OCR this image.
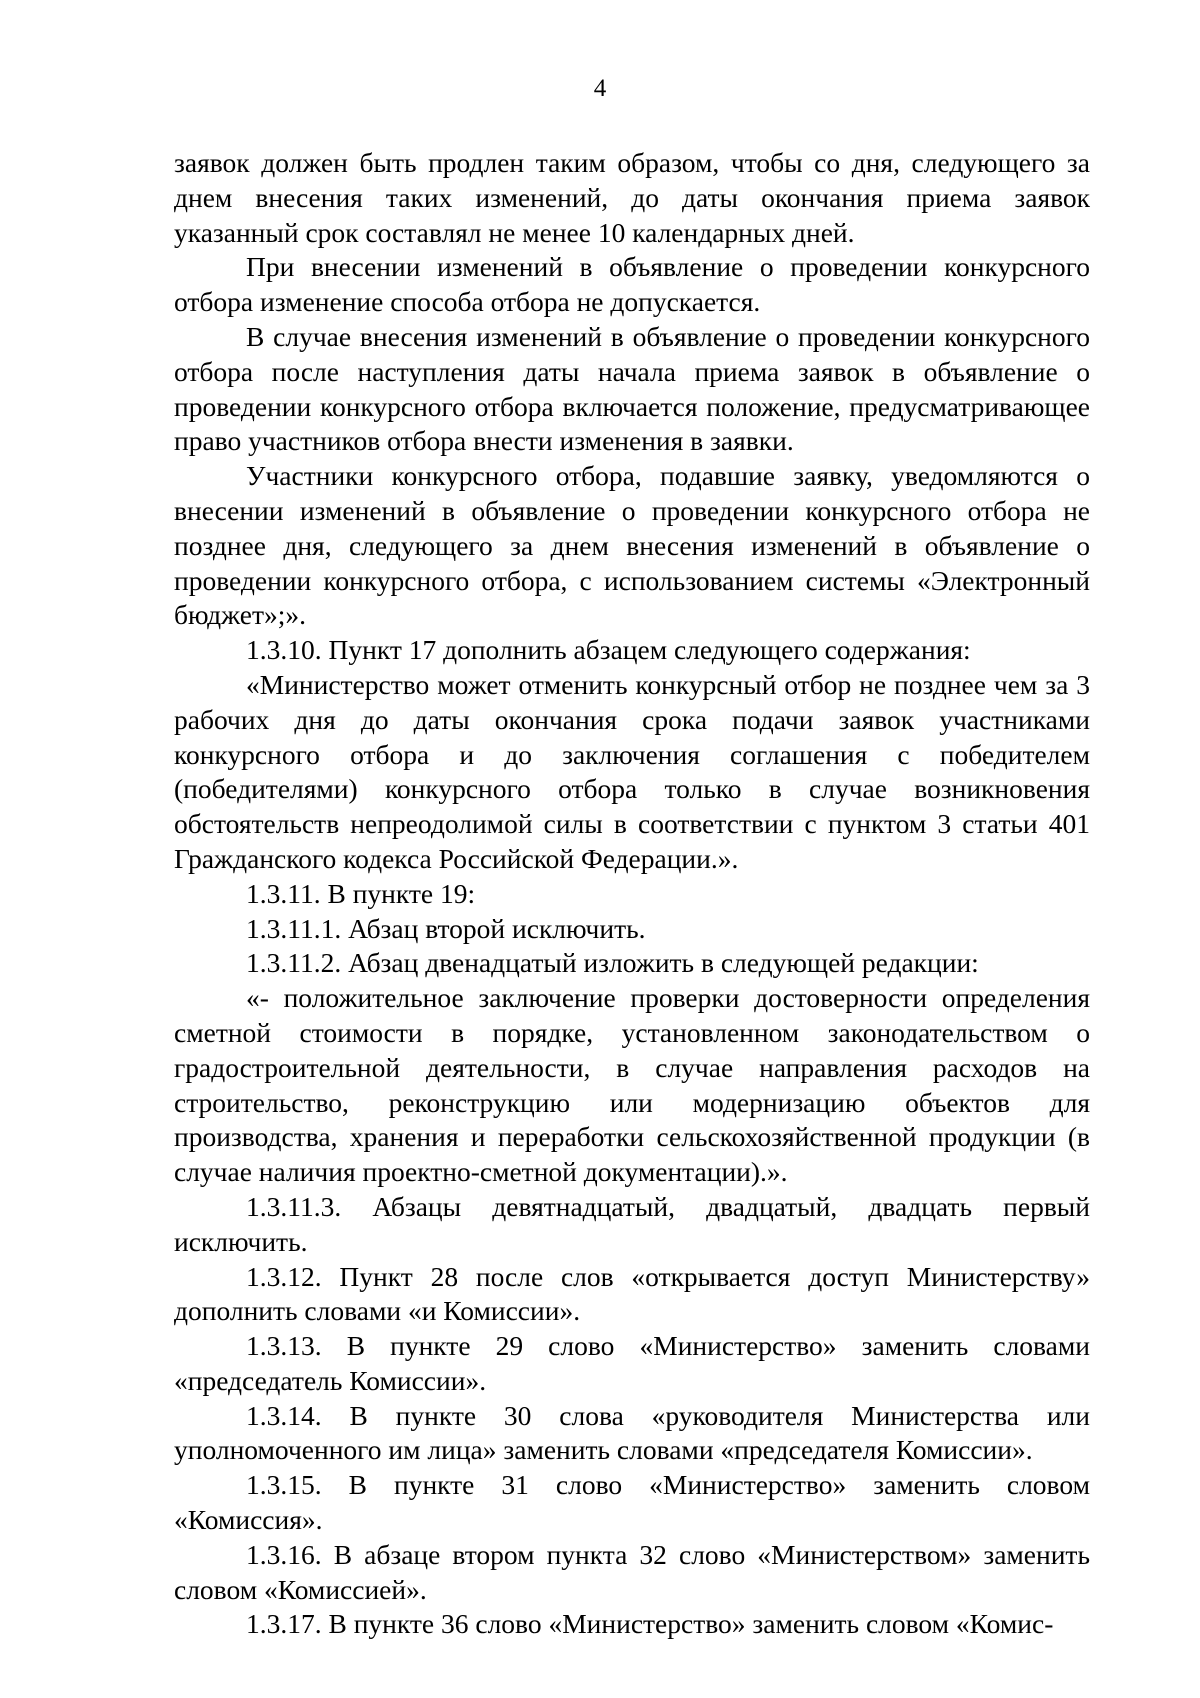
4

заявок должен быть продлен таким образом, чтобы со дня, следующего за днем внесения таких изменений, до даты окончания приема заявок указанный срок составлял не менее 10 календарных дней.

При внесении изменений в объявление о проведении конкурсного отбора изменение способа отбора не допускается.

В случае внесения изменений в объявление о проведении конкурсного отбора после наступления даты начала приема заявок в объявление о проведении конкурсного отбора включается положение, предусматривающее право участников отбора внести изменения в заявки.

Участники конкурсного отбора, подавшие заявку, уведомляются о внесении изменений в объявление о проведении конкурсного отбора не позднее дня, следующего за днем внесения изменений в объявление о проведении конкурсного отбора, с использованием системы «Электронный бюджет»;».

1.3.10. Пункт 17 дополнить абзацем следующего содержания:

«Министерство может отменить конкурсный отбор не позднее чем за 3 рабочих дня до даты окончания срока подачи заявок участниками конкурсного отбора и до заключения соглашения с победителем (победителями) конкурсного отбора только в случае возникновения обстоятельств непреодолимой силы в соответствии с пунктом 3 статьи 401 Гражданского кодекса Российской Федерации.».

1.3.11. В пункте 19:

1.3.11.1. Абзац второй исключить.

1.3.11.2. Абзац двенадцатый изложить в следующей редакции:

«- положительное заключение проверки достоверности определения сметной стоимости в порядке, установленном законодательством о градостроительной деятельности, в случае направления расходов на строительство, реконструкцию или модернизацию объектов для производства, хранения и переработки сельскохозяйственной продукции (в случае наличия проектно-сметной документации).».

1.3.11.3. Абзацы девятнадцатый, двадцатый, двадцать первый исключить.

1.3.12. Пункт 28 после слов «открывается доступ Министерству» дополнить словами «и Комиссии».

1.3.13. В пункте 29 слово «Министерство» заменить словами «председатель Комиссии».

1.3.14. В пункте 30 слова «руководителя Министерства или уполномоченного им лица» заменить словами «председателя Комиссии».

1.3.15. В пункте 31 слово «Министерство» заменить словом «Комиссия».

1.3.16. В абзаце втором пункта 32 слово «Министерством» заменить словом «Комиссией».

1.3.17. В пункте 36 слово «Министерство» заменить словом «Комис-
